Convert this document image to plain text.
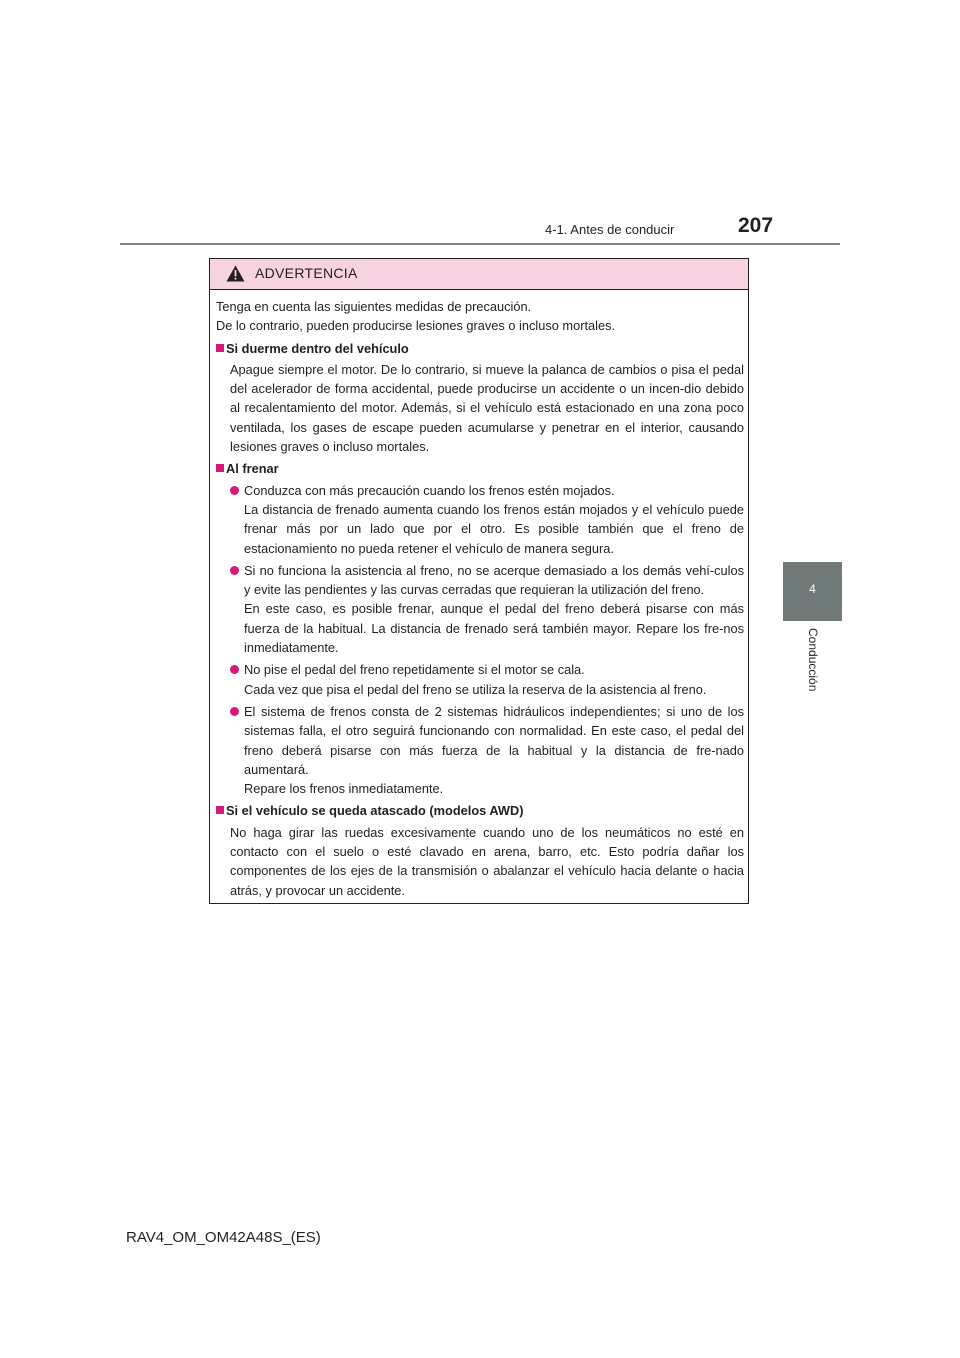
4-1. Antes de conducir	207
4
Conducción
ADVERTENCIA

Tenga en cuenta las siguientes medidas de precaución.

De lo contrario, pueden producirse lesiones graves o incluso mortales.

Si duerme dentro del vehículo

Apague siempre el motor. De lo contrario, si mueve la palanca de cambios o pisa el pedal del acelerador de forma accidental, puede producirse un accidente o un incen-dio debido al recalentamiento del motor. Además, si el vehículo está estacionado en una zona poco ventilada, los gases de escape pueden acumularse y penetrar en el interior, causando lesiones graves o incluso mortales.

Al frenar
Conduzca con más precaución cuando los frenos estén mojados.
La distancia de frenado aumenta cuando los frenos están mojados y el vehículo puede frenar más por un lado que por el otro. Es posible también que el freno de estacionamiento no pueda retener el vehículo de manera segura.
Si no funciona la asistencia al freno, no se acerque demasiado a los demás vehí-culos y evite las pendientes y las curvas cerradas que requieran la utilización del freno.
En este caso, es posible frenar, aunque el pedal del freno deberá pisarse con más fuerza de la habitual. La distancia de frenado será también mayor. Repare los fre-nos inmediatamente.
No pise el pedal del freno repetidamente si el motor se cala.
Cada vez que pisa el pedal del freno se utiliza la reserva de la asistencia al freno.
El sistema de frenos consta de 2 sistemas hidráulicos independientes; si uno de los sistemas falla, el otro seguirá funcionando con normalidad. En este caso, el pedal del freno deberá pisarse con más fuerza de la habitual y la distancia de fre-nado aumentará.
Repare los frenos inmediatamente.
Si el vehículo se queda atascado (modelos AWD)

No haga girar las ruedas excesivamente cuando uno de los neumáticos no esté en contacto con el suelo o esté clavado en arena, barro, etc. Esto podría dañar los componentes de los ejes de la transmisión o abalanzar el vehículo hacia delante o hacia atrás, y provocar un accidente.

RAV4_OM_OM42A48S_(ES)
